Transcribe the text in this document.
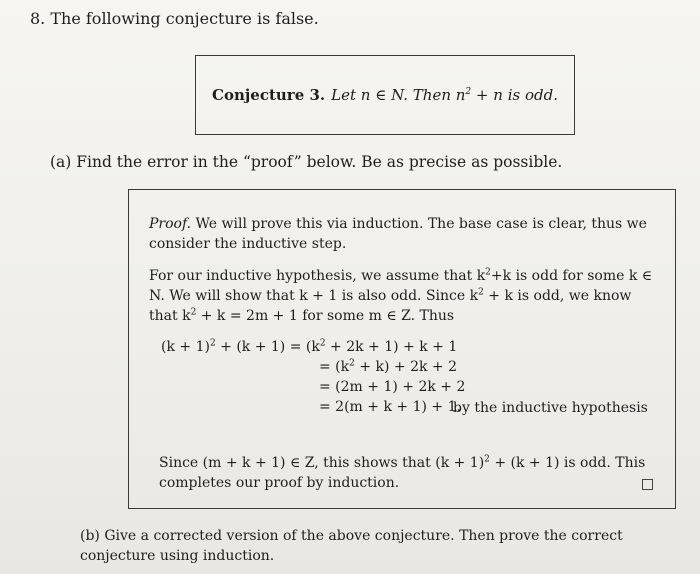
8. The following conjecture is false.
Conjecture 3. Let n ∈ N. Then $n^2 + n$ is odd.
(a) Find the error in the “proof” below. Be as precise as possible.
Proof. We will prove this via induction. The base case is clear, thus we consider the inductive step.
For our inductive hypothesis, we assume that $k^2+k$ is odd for some k ∈ N. We will show that k + 1 is also odd. Since $k^2 + k$ is odd, we know that $k^2 + k = 2m + 1$ for some m ∈ Z. Thus
$(k + 1)^2 + (k + 1) = (k^2 + 2k + 1) + k + 1$
= $(k^2 + k) + 2k + 2$
= (2m + 1) + 2k + 2
by the inductive hypothesis
= 2(m + k + 1) + 1.
Since (m + k + 1) ∈ Z, this shows that $(k + 1)^2 + (k + 1)$ is odd. This completes our proof by induction.
(b) Give a corrected version of the above conjecture. Then prove the correct conjecture using induction.
